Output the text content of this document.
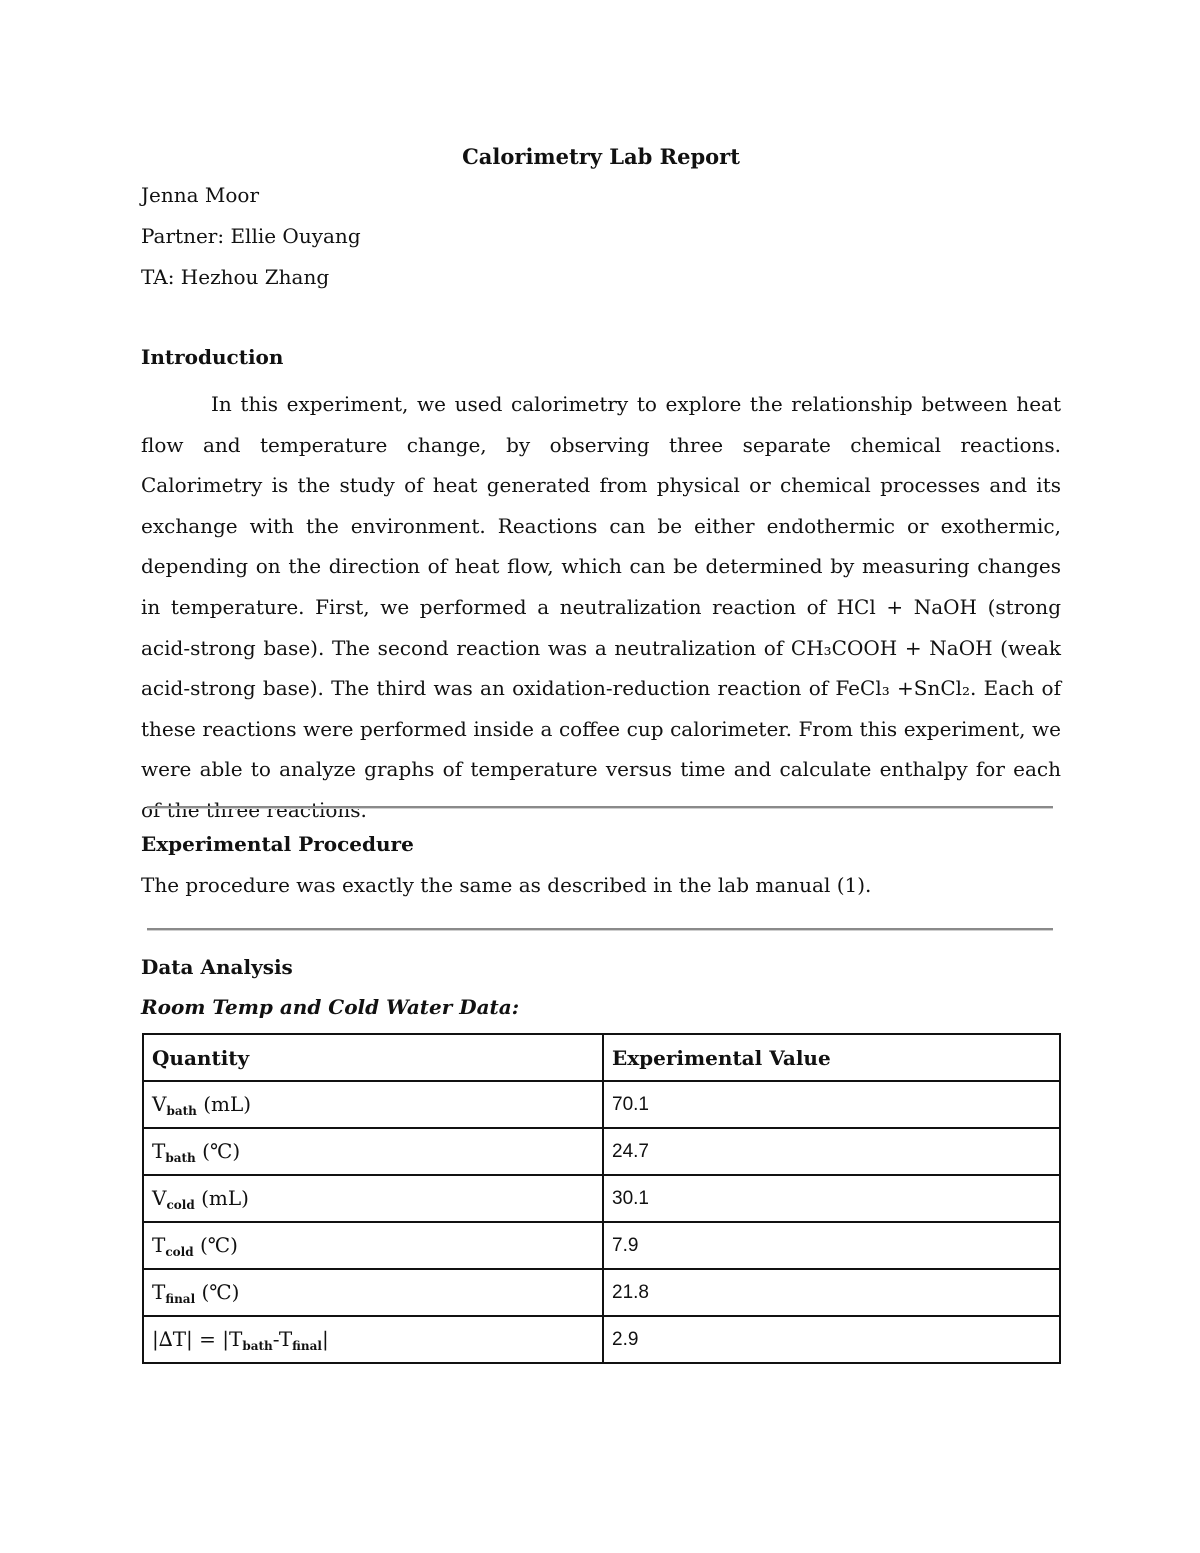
Calorimetry Lab Report
Jenna Moor
Partner: Ellie Ouyang
TA: Hezhou Zhang
Introduction
In this experiment, we used calorimetry to explore the relationship between heat flow and temperature change, by observing three separate chemical reactions. Calorimetry is the study of heat generated from physical or chemical processes and its exchange with the environment. Reactions can be either endothermic or exothermic, depending on the direction of heat flow, which can be determined by measuring changes in temperature. First, we performed a neutralization reaction of HCl + NaOH (strong acid-strong base). The second reaction was a neutralization of CH₃COOH + NaOH (weak acid-strong base). The third was an oxidation-reduction reaction of FeCl₃ +SnCl₂. Each of these reactions were performed inside a coffee cup calorimeter. From this experiment, we were able to analyze graphs of temperature versus time and calculate enthalpy for each of the three reactions.
Experimental Procedure
The procedure was exactly the same as described in the lab manual (1).
Data Analysis
Room Temp and Cold Water Data:
Quantity	Experimental Value
$V_{bath}$ (mL)	70.1
$T_{bath}$ (℃)	24.7
$V_{cold}$ (mL)	30.1
$T_{cold}$ (℃)	7.9
$T_{final}$ (℃)	21.8
$|\Delta T| = |T_{bath}-T_{final}|$	2.9
